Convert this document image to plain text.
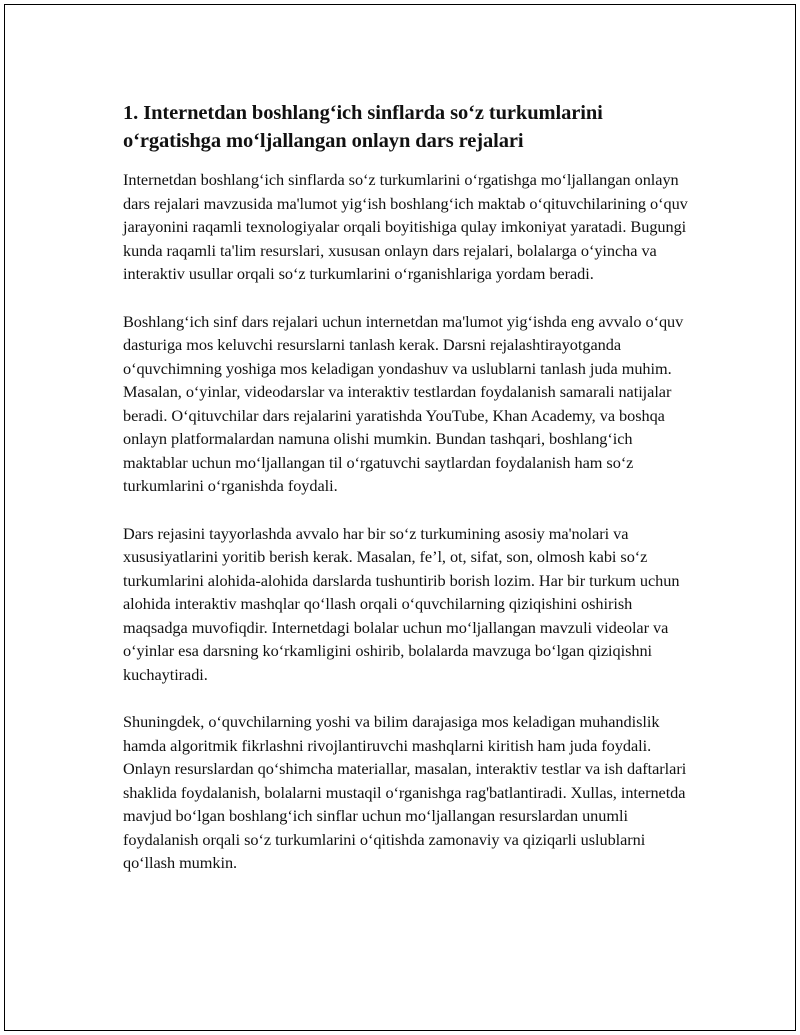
1. Internetdan boshlang‘ich sinflarda so‘z turkumlarini o‘rgatishga mo‘ljallangan onlayn dars rejalari

Internetdan boshlang‘ich sinflarda so‘z turkumlarini o‘rgatishga mo‘ljallangan onlayn dars rejalari mavzusida ma'lumot yig‘ish boshlang‘ich maktab o‘qituvchilarining o‘quv jarayonini raqamli texnologiyalar orqali boyitishiga qulay imkoniyat yaratadi. Bugungi kunda raqamli ta'lim resurslari, xususan onlayn dars rejalari, bolalarga o‘yincha va interaktiv usullar orqali so‘z turkumlarini o‘rganishlariga yordam beradi.

Boshlang‘ich sinf dars rejalari uchun internetdan ma'lumot yig‘ishda eng avvalo o‘quv dasturiga mos keluvchi resurslarni tanlash kerak. Darsni rejalashtirayotganda o‘quvchimning yoshiga mos keladigan yondashuv va uslublarni tanlash juda muhim. Masalan, o‘yinlar, videodarslar va interaktiv testlardan foydalanish samarali natijalar beradi. O‘qituvchilar dars rejalarini yaratishda YouTube, Khan Academy, va boshqa onlayn platformalardan namuna olishi mumkin. Bundan tashqari, boshlang‘ich maktablar uchun mo‘ljallangan til o‘rgatuvchi saytlardan foydalanish ham so‘z turkumlarini o‘rganishda foydali.

Dars rejasini tayyorlashda avvalo har bir so‘z turkumining asosiy ma'nolari va xususiyatlarini yoritib berish kerak. Masalan, fe’l, ot, sifat, son, olmosh kabi so‘z turkumlarini alohida-alohida darslarda tushuntirib borish lozim. Har bir turkum uchun alohida interaktiv mashqlar qo‘llash orqali o‘quvchilarning qiziqishini oshirish maqsadga muvofiqdir. Internetdagi bolalar uchun mo‘ljallangan mavzuli videolar va o‘yinlar esa darsning ko‘rkamligini oshirib, bolalarda mavzuga bo‘lgan qiziqishni kuchaytiradi.

Shuningdek, o‘quvchilarning yoshi va bilim darajasiga mos keladigan muhandislik hamda algoritmik fikrlashni rivojlantiruvchi mashqlarni kiritish ham juda foydali. Onlayn resurslardan qo‘shimcha materiallar, masalan, interaktiv testlar va ish daftarlari shaklida foydalanish, bolalarni mustaqil o‘rganishga rag'batlantiradi. Xullas, internetda mavjud bo‘lgan boshlang‘ich sinflar uchun mo‘ljallangan resurslardan unumli foydalanish orqali so‘z turkumlarini o‘qitishda zamonaviy va qiziqarli uslublarni qo‘llash mumkin.
